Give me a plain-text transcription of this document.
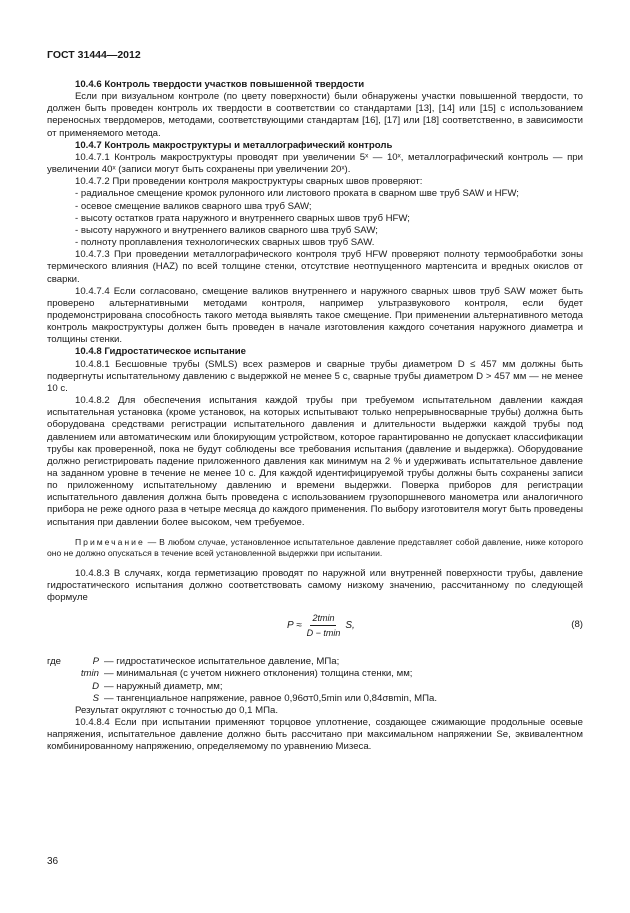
ГОСТ 31444—2012

10.4.6 Контроль твердости участков повышенной твердости

Если при визуальном контроле (по цвету поверхности) были обнаружены участки повышенной твердости, то должен быть проведен контроль их твердости в соответствии со стандартами [13], [14] или [15] с использованием переносных твердомеров, методами, соответствующими стандартам [16], [17] или [18] соответственно, в зависимости от применяемого метода.

10.4.7 Контроль макроструктуры и металлографический контроль

10.4.7.1 Контроль макроструктуры проводят при увеличении 5ˣ — 10ˣ, металлографический контроль — при увеличении 40ˣ (записи могут быть сохранены при увеличении 20ˣ).

10.4.7.2 При проведении контроля макроструктуры сварных швов проверяют:

- радиальное смещение кромок рулонного или листового проката в сварном шве труб SAW и HFW;

- осевое смещение валиков сварного шва труб SAW;

- высоту остатков грата наружного и внутреннего сварных швов труб HFW;

- высоту наружного и внутреннего валиков сварного шва труб SAW;

- полноту проплавления технологических сварных швов труб SAW.

10.4.7.3 При проведении металлографического контроля труб HFW проверяют полноту термообработки зоны термического влияния (HAZ) по всей толщине стенки, отсутствие неотпущенного мартенсита и вредных окислов от сварки.

10.4.7.4 Если согласовано, смещение валиков внутреннего и наружного сварных швов труб SAW может быть проверено альтернативными методами контроля, например ультразвукового контроля, если будет продемонстрирована способность такого метода выявлять такое смещение. При применении альтернативного метода контроль макроструктуры должен быть проведен в начале изготовления каждого сочетания наружного диаметра и толщины стенки.

10.4.8 Гидростатическое испытание

10.4.8.1 Бесшовные трубы (SMLS) всех размеров и сварные трубы диаметром D ≤ 457 мм должны быть подвергнуты испытательному давлению с выдержкой не менее 5 с, сварные трубы диаметром D > 457 мм — не менее 10 с.

10.4.8.2 Для обеспечения испытания каждой трубы при требуемом испытательном давлении каждая испытательная установка (кроме установок, на которых испытывают только непрерывносварные трубы) должна быть оборудована средствами регистрации испытательного давления и длительности выдержки каждой трубы под давлением или автоматическим или блокирующим устройством, которое гарантированно не допускает классификации трубы как проверенной, пока не будут соблюдены все требования испытания (давление и выдержка). Оборудование должно регистрировать падение приложенного давления как минимум на 2 % и удерживать испытательное давление на заданном уровне в течение не менее 10 с. Для каждой идентифицируемой трубы должны быть сохранены записи по приложенному испытательному давлению и времени выдержки. Поверка приборов для регистрации испытательного давления должна быть проведена с использованием грузопоршневого манометра или аналогичного прибора не реже одного раза в четыре месяца до каждого применения. По выбору изготовителя могут быть проведены испытания при давлении более высоком, чем требуемое.

Примечание — В любом случае, установленное испытательное давление представляет собой давление, ниже которого оно не должно опускаться в течение всей установленной выдержки при испытании.

10.4.8.3 В случаях, когда герметизацию проводят по наружной или внутренней поверхности трубы, давление гидростатического испытания должно соответствовать самому низкому значению, рассчитанному по следующей формуле

$P \approx \frac{2tmin}{D - tmin} S$,	(8)
где	P — гидростатическое испытательное давление, МПа;
tmin — минимальная (с учетом нижнего отклонения) толщина стенки, мм;
D — наружный диаметр, мм;
S — тангенциальное напряжение, равное 0,96σт0,5min или 0,84σвmin, МПа.

Результат округляют с точностью до 0,1 МПа.

10.4.8.4 Если при испытании применяют торцовое уплотнение, создающее сжимающие продольные осевые напряжения, испытательное давление должно быть рассчитано при максимальном напряжении Sе, эквивалентном комбинированному напряжению, определяемому по уравнению Мизеса.

36
